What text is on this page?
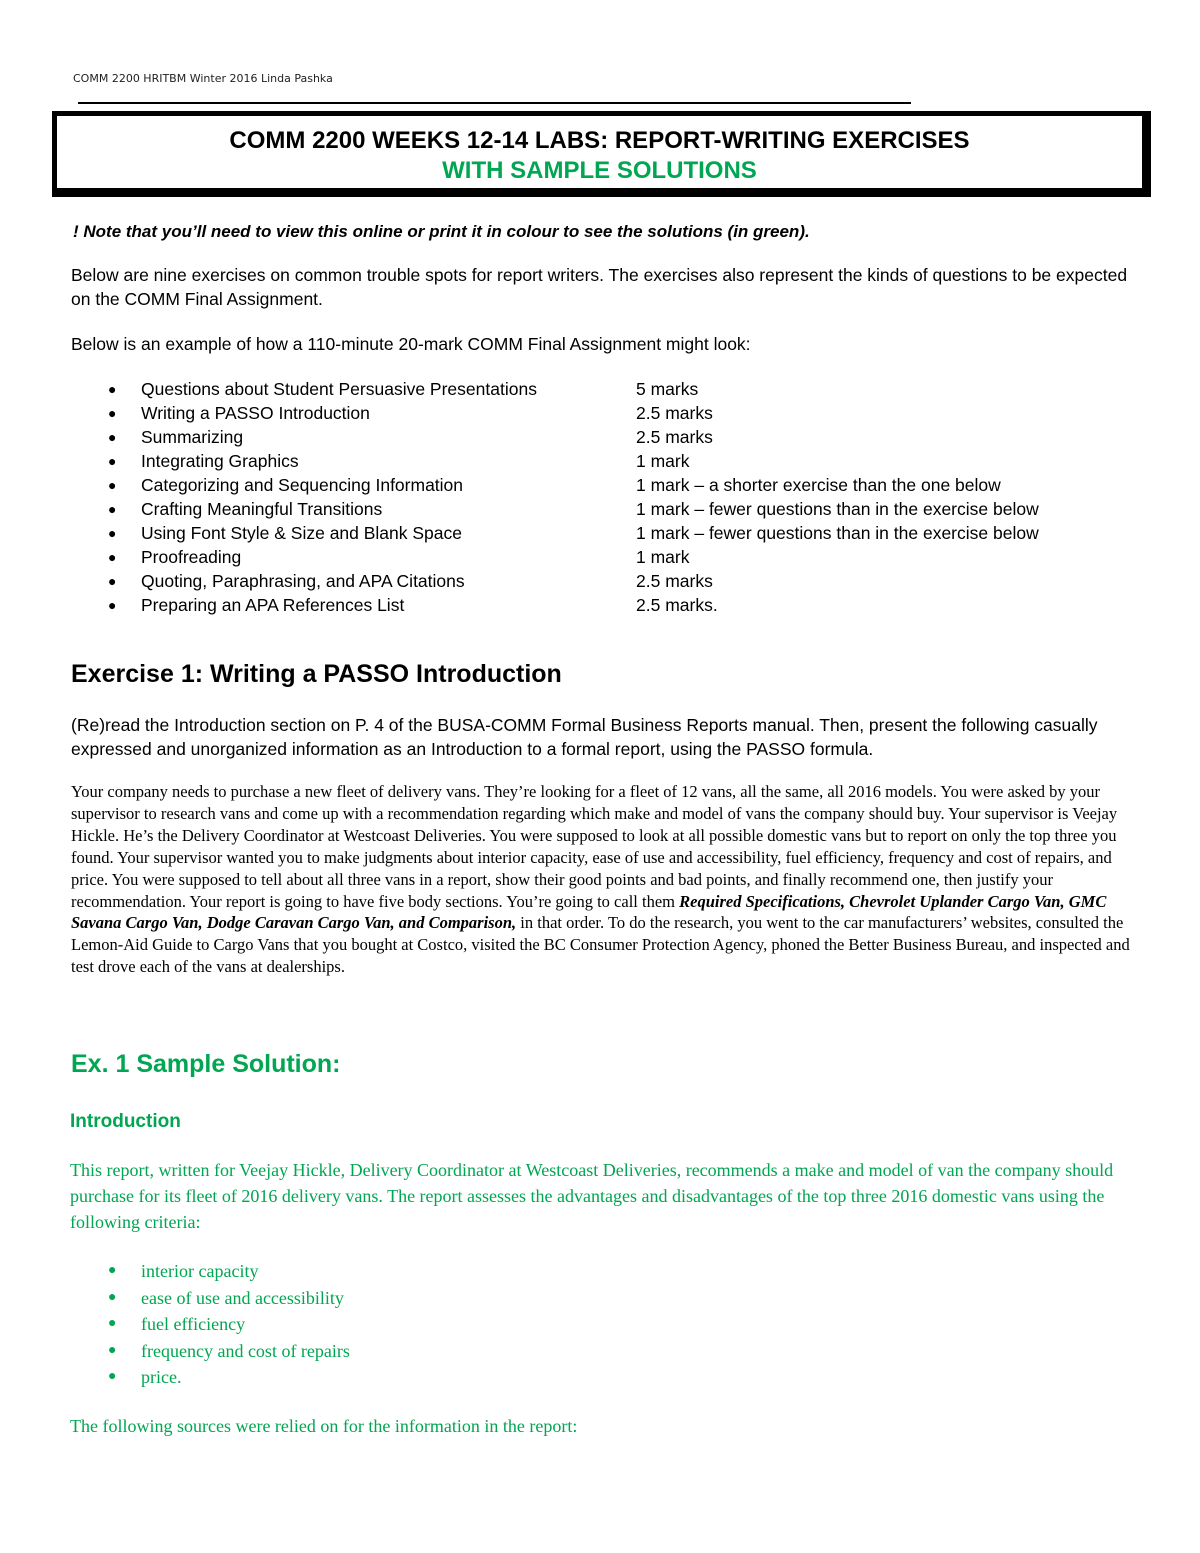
COMM 2200 HRITBM Winter 2016 Linda Pashka
COMM 2200 WEEKS 12-14 LABS: REPORT-WRITING EXERCISES
WITH SAMPLE SOLUTIONS
! Note that you’ll need to view this online or print it in colour to see the solutions (in green).
Below are nine exercises on common trouble spots for report writers. The exercises also represent the kinds of questions to be expected on the COMM Final Assignment.
Below is an example of how a 110-minute 20-mark COMM Final Assignment might look:
● Questions about Student Persuasive Presentations	5 marks
● Writing a PASSO Introduction	2.5 marks
● Summarizing	2.5 marks
● Integrating Graphics	1 mark
● Categorizing and Sequencing Information	1 mark – a shorter exercise than the one below
● Crafting Meaningful Transitions	1 mark – fewer questions than in the exercise below
● Using Font Style & Size and Blank Space	1 mark – fewer questions than in the exercise below
● Proofreading	1 mark
● Quoting, Paraphrasing, and APA Citations	2.5 marks
● Preparing an APA References List	2.5 marks.
Exercise 1: Writing a PASSO Introduction
(Re)read the Introduction section on P. 4 of the BUSA-COMM Formal Business Reports manual. Then, present the following casually expressed and unorganized information as an Introduction to a formal report, using the PASSO formula.
Your company needs to purchase a new fleet of delivery vans. They’re looking for a fleet of 12 vans, all the same, all 2016 models. You were asked by your supervisor to research vans and come up with a recommendation regarding which make and model of vans the company should buy. Your supervisor is Veejay Hickle. He’s the Delivery Coordinator at Westcoast Deliveries. You were supposed to look at all possible domestic vans but to report on only the top three you found. Your supervisor wanted you to make judgments about interior capacity, ease of use and accessibility, fuel efficiency, frequency and cost of repairs, and price. You were supposed to tell about all three vans in a report, show their good points and bad points, and finally recommend one, then justify your recommendation. Your report is going to have five body sections. You’re going to call them Required Specifications, Chevrolet Uplander Cargo Van, GMC Savana Cargo Van, Dodge Caravan Cargo Van, and Comparison, in that order. To do the research, you went to the car manufacturers’ websites, consulted the Lemon-Aid Guide to Cargo Vans that you bought at Costco, visited the BC Consumer Protection Agency, phoned the Better Business Bureau, and inspected and test drove each of the vans at dealerships.
Ex. 1 Sample Solution:
Introduction
This report, written for Veejay Hickle, Delivery Coordinator at Westcoast Deliveries, recommends a make and model of van the company should purchase for its fleet of 2016 delivery vans. The report assesses the advantages and disadvantages of the top three 2016 domestic vans using the following criteria:
● interior capacity
● ease of use and accessibility
● fuel efficiency
● frequency and cost of repairs
● price.
The following sources were relied on for the information in the report:
